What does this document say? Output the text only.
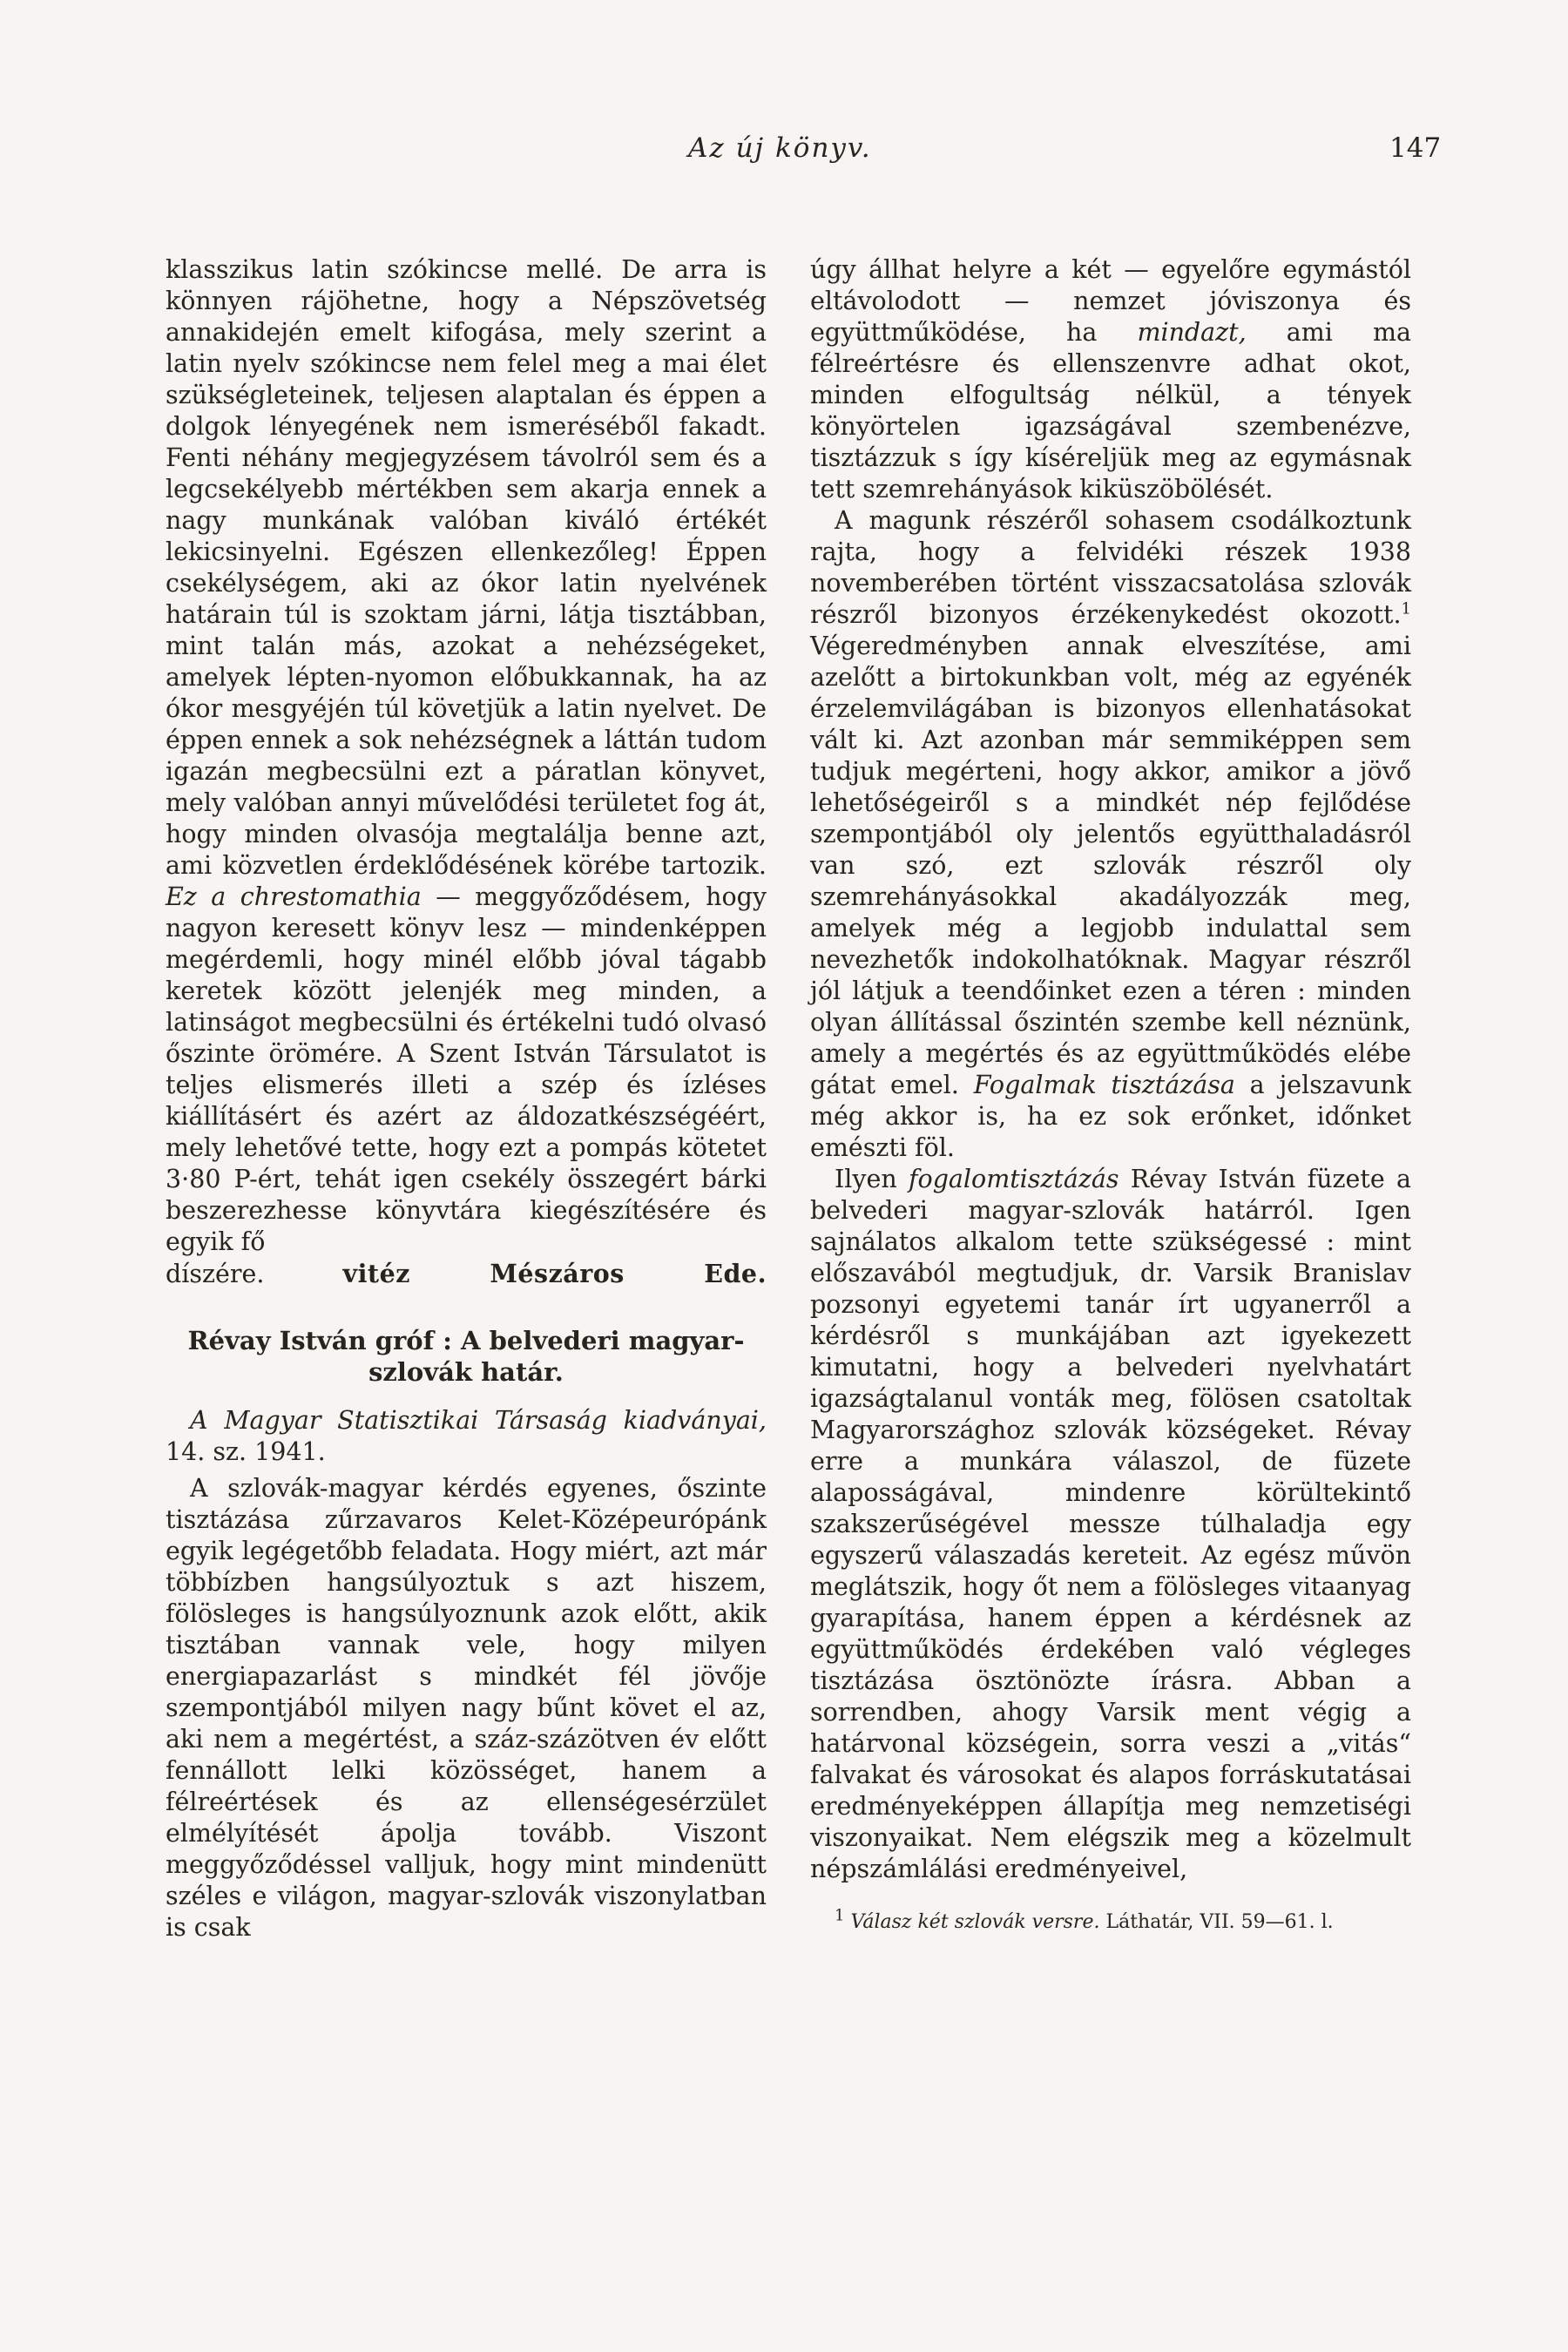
Az új könyv.	147

klasszikus latin szókincse mellé. De arra is könnyen rájöhetne, hogy a Népszövetség annakidején emelt kifogása, mely szerint a latin nyelv szókincse nem felel meg a mai élet szükségleteinek, teljesen alaptalan és éppen a dolgok lényegének nem ismeréséből fakadt. Fenti néhány megjegyzésem távolról sem és a legcsekélyebb mértékben sem akarja ennek a nagy munkának valóban kiváló értékét lekicsinyelni. Egészen ellenkezőleg! Éppen csekélységem, aki az ókor latin nyelvének határain túl is szoktam járni, látja tisztábban, mint talán más, azokat a nehézségeket, amelyek lépten-nyomon előbukkannak, ha az ókor mesgyéjén túl követjük a latin nyelvet. De éppen ennek a sok nehézségnek a láttán tudom igazán megbecsülni ezt a páratlan könyvet, mely valóban annyi művelődési területet fog át, hogy minden olvasója megtalálja benne azt, ami közvetlen érdeklődésének körébe tartozik. Ez a chrestomathia — meggyőződésem, hogy nagyon keresett könyv lesz — mindenképpen megérdemli, hogy minél előbb jóval tágabb keretek között jelenjék meg minden, a latinságot megbecsülni és értékelni tudó olvasó őszinte örömére. A Szent István Társulatot is teljes elismerés illeti a szép és ízléses kiállításért és azért az áldozatkészségéért, mely lehetővé tette, hogy ezt a pompás kötetet 3·80 P-ért, tehát igen csekély összegért bárki beszerezhesse könyvtára kiegészítésére és egyik fő

díszére.	vitéz Mészáros Ede.

Révay István gróf : A belvederi magyar-szlovák határ.

A Magyar Statisztikai Társaság kiadványai, 14. sz. 1941.

A szlovák-magyar kérdés egyenes, őszinte tisztázása zűrzavaros Kelet-Középeurópánk egyik legégetőbb feladata. Hogy miért, azt már többízben hangsúlyoztuk s azt hiszem, fölösleges is hangsúlyoznunk azok előtt, akik tisztában vannak vele, hogy milyen energiapazarlást s mindkét fél jövője szempontjából milyen nagy bűnt követ el az, aki nem a megértést, a száz-százötven év előtt fennállott lelki közösséget, hanem a félreértések és az ellenségesérzület elmélyítését ápolja tovább. Viszont meggyőződéssel valljuk, hogy mint mindenütt széles e világon, magyar-szlovák viszonylatban is csak

úgy állhat helyre a két — egyelőre egymástól eltávolodott — nemzet jóviszonya és együttműködése, ha mindazt, ami ma félreértésre és ellenszenvre adhat okot, minden elfogultság nélkül, a tények könyörtelen igazságával szembenézve, tisztázzuk s így kíséreljük meg az egymásnak tett szemrehányások kiküszöbölését.

A magunk részéről sohasem csodálkoztunk rajta, hogy a felvidéki részek 1938 novemberében történt visszacsatolása szlovák részről bizonyos érzékenykedést okozott.$^1$ Végeredményben annak elveszítése, ami azelőtt a birtokunkban volt, még az egyénék érzelemvilágában is bizonyos ellenhatásokat vált ki. Azt azonban már semmiképpen sem tudjuk megérteni, hogy akkor, amikor a jövő lehetőségeiről s a mindkét nép fejlődése szempontjából oly jelentős együtthaladásról van szó, ezt szlovák részről oly szemrehányásokkal akadályozzák meg, amelyek még a legjobb indulattal sem nevezhetők indokolhatóknak. Magyar részről jól látjuk a teendőinket ezen a téren : minden olyan állítással őszintén szembe kell néznünk, amely a megértés és az együttműködés elébe gátat emel. Fogalmak tisztázása a jelszavunk még akkor is, ha ez sok erőnket, időnket emészti föl.

Ilyen fogalomtisztázás Révay István füzete a belvederi magyar-szlovák határról. Igen sajnálatos alkalom tette szükségessé : mint előszavából megtudjuk, dr. Varsik Branislav pozsonyi egyetemi tanár írt ugyanerről a kérdésről s munkájában azt igyekezett kimutatni, hogy a belvederi nyelvhatárt igazságtalanul vonták meg, fölösen csatoltak Magyarországhoz szlovák községeket. Révay erre a munkára válaszol, de füzete alaposságával, mindenre körültekintő szakszerűségével messze túlhaladja egy egyszerű válaszadás kereteit. Az egész művön meglátszik, hogy őt nem a fölösleges vitaanyag gyarapítása, hanem éppen a kérdésnek az együttműködés érdekében való végleges tisztázása ösztönözte írásra. Abban a sorrendben, ahogy Varsik ment végig a határvonal községein, sorra veszi a „vitás“ falvakat és városokat és alapos forráskutatásai eredményeképpen állapítja meg nemzetiségi viszonyaikat. Nem elégszik meg a közelmult népszámlálási eredményeivel,

$^1$ Válasz két szlovák versre. Láthatár, VII. 59—61. l.
